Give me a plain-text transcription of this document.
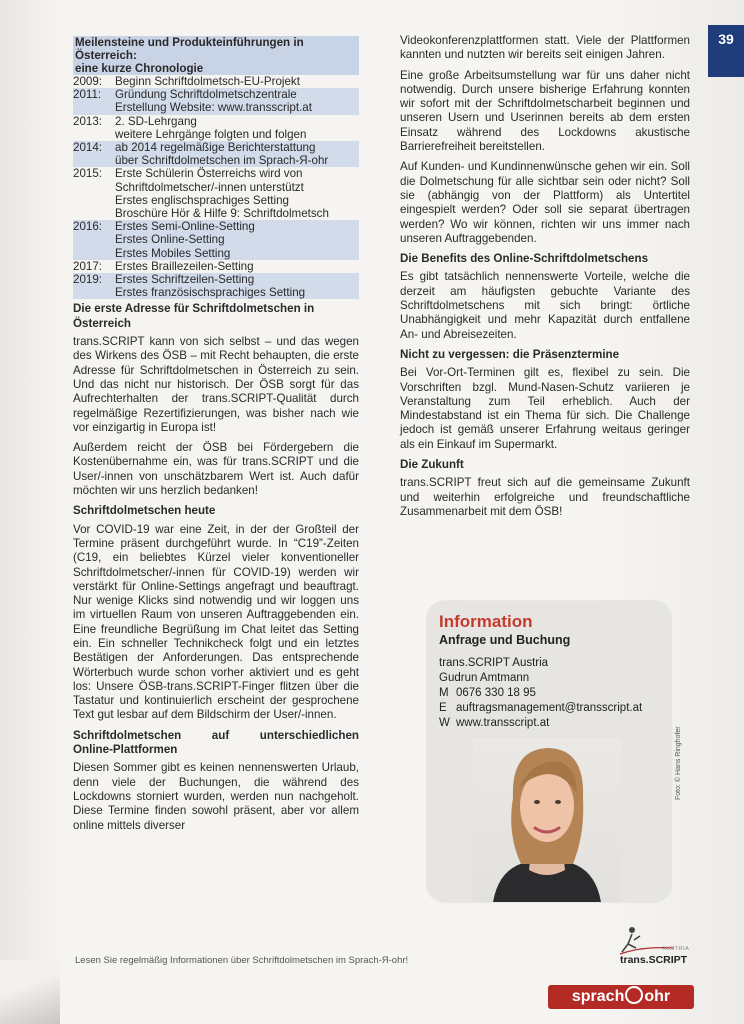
39
Meilensteine und Produkteinführungen in
Österreich:
eine kurze Chronologie
2009:	Beginn Schriftdolmetsch-EU-Projekt
2011:	Gründung Schriftdolmetschzentrale
Erstellung Website: www.transscript.at
2013:	2. SD-Lehrgang
weitere Lehrgänge folgten und folgen
2014:	ab 2014 regelmäßige Berichterstattung
über Schriftdolmetschen im Sprach-Я-ohr
2015:	Erste Schülerin Österreichs wird von
Schriftdolmetscher/-innen unterstützt
Erstes englischsprachiges Setting
Broschüre Hör & Hilfe 9: Schriftdolmetsch
2016:	Erstes Semi-Online-Setting
Erstes Online-Setting
Erstes Mobiles Setting
2017:	Erstes Braillezeilen-Setting
2019:	Erstes Schriftzeilen-Setting
Erstes französischsprachiges Setting
Die erste Adresse für Schriftdolmetschen in
Österreich

trans.SCRIPT kann von sich selbst – und das wegen des Wirkens des ÖSB – mit Recht behaupten, die erste Adresse für Schriftdolmetschen in Österreich zu sein. Und das nicht nur historisch. Der ÖSB sorgt für das Aufrechterhalten der trans.SCRIPT-Qualität durch regelmäßige Rezertifizierungen, was bisher nach wie vor einzigartig in Europa ist!

Außerdem reicht der ÖSB bei Fördergebern die Kostenübernahme ein, was für trans.SCRIPT und die User/-innen von unschätzbarem Wert ist. Auch dafür möchten wir uns herzlich bedanken!

Schriftdolmetschen heute

Vor COVID-19 war eine Zeit, in der der Großteil der Termine präsent durchgeführt wurde. In “C19”-Zeiten (C19, ein beliebtes Kürzel vieler konventioneller Schriftdolmetscher/-innen für COVID-19) werden wir verstärkt für Online-Settings angefragt und beauftragt. Nur wenige Klicks sind notwendig und wir loggen uns im virtuellen Raum von unseren Auftraggebenden ein. Eine freundliche Begrüßung im Chat leitet das Setting ein. Ein schneller Technikcheck folgt und ein letztes Bestätigen der Anforderungen. Das entsprechende Wörterbuch wurde schon vorher aktiviert und es geht los: Unsere ÖSB-trans.SCRIPT-Finger flitzen über die Tastatur und kontinuierlich erscheint der gesprochene Text gut lesbar auf dem Bildschirm der User/-innen.

Schriftdolmetschen auf unterschiedlichen
Online-Plattformen

Diesen Sommer gibt es keinen nennenswerten Urlaub, denn viele der Buchungen, die während des Lockdowns storniert wurden, werden nun nachgeholt. Diese Termine finden sowohl präsent, aber vor allem online mittels diverser

Videokonferenzplattformen statt. Viele der Plattformen kannten und nutzten wir bereits seit einigen Jahren.

Eine große Arbeitsumstellung war für uns daher nicht notwendig. Durch unsere bisherige Erfahrung konnten wir sofort mit der Schriftdolmetscharbeit beginnen und unseren Usern und Userinnen bereits ab dem ersten Einsatz während des Lockdowns akustische Barrierefreiheit bereitstellen.

Auf Kunden- und Kundinnenwünsche gehen wir ein. Soll die Dolmetschung für alle sichtbar sein oder nicht? Soll sie (abhängig von der Plattform) als Untertitel eingespielt werden? Oder soll sie separat übertragen werden? Wo wir können, richten wir uns immer nach unseren Auftraggebenden.

Die Benefits des Online-Schriftdolmetschens

Es gibt tatsächlich nennenswerte Vorteile, welche die derzeit am häufigsten gebuchte Variante des Schriftdolmetschens mit sich bringt: örtliche Unabhängigkeit und mehr Kapazität durch entfallene An- und Abreisezeiten.

Nicht zu vergessen: die Präsenztermine

Bei Vor-Ort-Terminen gilt es, flexibel zu sein. Die Vorschriften bzgl. Mund-Nasen-Schutz variieren je Veranstaltung zum Teil erheblich. Auch der Mindestabstand ist ein Thema für sich. Die Challenge jedoch ist gemäß unserer Erfahrung weitaus geringer als ein Einkauf im Supermarkt.

Die Zukunft

trans.SCRIPT freut sich auf die gemeinsame Zukunft und weiterhin erfolgreiche und freundschaftliche Zusammenarbeit mit dem ÖSB!

Information
Anfrage und Buchung
trans.SCRIPT Austria
Gudrun Amtmann
M 0676 330 18 95
E auftragsmanagement@transscript.at
W www.transscript.at
Foto: © Hans Ringhofer
Lesen Sie regelmäßig Informationen über Schriftdolmetschen im Sprach-Я-ohr!
AUSTRIA
trans.SCRIPT
sprach ohr
